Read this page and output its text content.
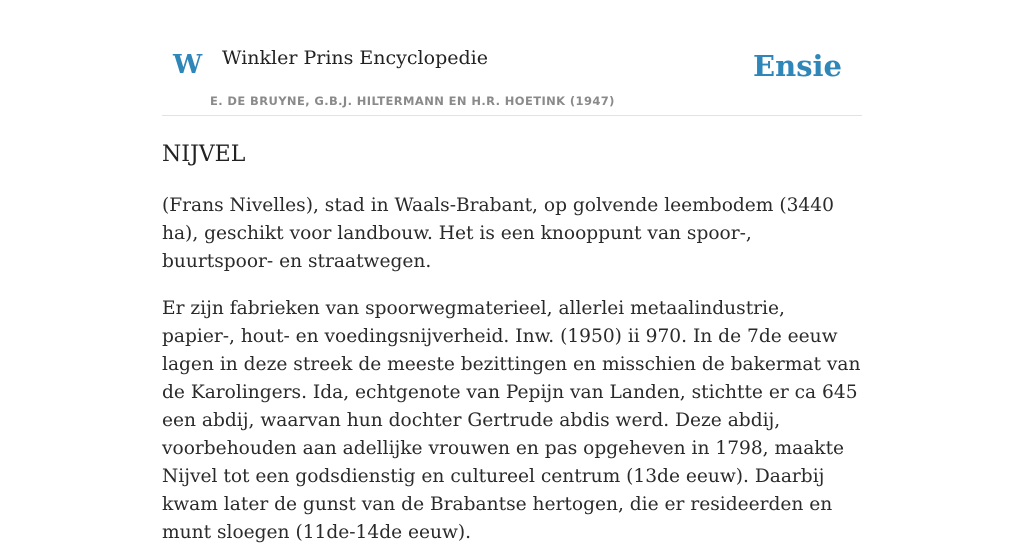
W Winkler Prins Encyclopedie
E. DE BRUYNE, G.B.J. HILTERMANN EN H.R. HOETINK (1947)
Ensie
NIJVEL

(Frans Nivelles), stad in Waals-Brabant, op golvende leembodem (3440 ha), geschikt voor landbouw. Het is een knooppunt van spoor-, buurtspoor- en straatwegen.

Er zijn fabrieken van spoorwegmaterieel, allerlei metaalindustrie, papier-, hout- en voedingsnijverheid. Inw. (1950) ii 970. In de 7de eeuw lagen in deze streek de meeste bezittingen en misschien de bakermat van de Karolingers. Ida, echtgenote van Pepijn van Landen, stichtte er ca 645 een abdij, waarvan hun dochter Gertrude abdis werd. Deze abdij, voorbehouden aan adellijke vrouwen en pas opgeheven in 1798, maakte Nijvel tot een godsdienstig en cultureel centrum (13de eeuw). Daarbij kwam later de gunst van de Brabantse hertogen, die er resideerden en munt sloegen (11de-14de eeuw).
